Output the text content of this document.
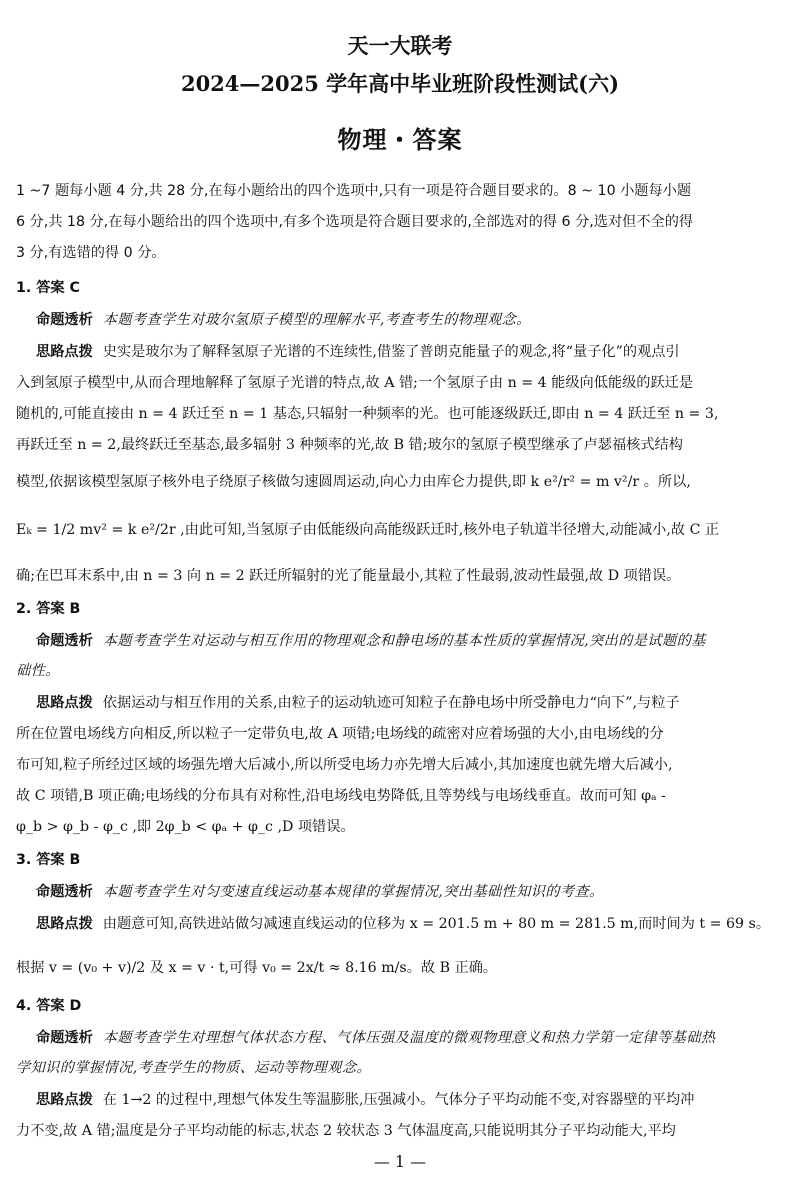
天一大联考
2024—2025 学年高中毕业班阶段性测试(六)
物理・答案
1 ~7 题每小题 4 分,共 28 分,在每小题给出的四个选项中,只有一项是符合题目要求的。8 ~ 10 小题每小题
6 分,共 18 分,在每小题给出的四个选项中,有多个选项是符合题目要求的,全部选对的得 6 分,选对但不全的得
3 分,有选错的得 0 分。
1. 答案 C
命题透析 本题考查学生对玻尔氢原子模型的理解水平,考查考生的物理观念。
思路点拨 史实是玻尔为了解释氢原子光谱的不连续性,借鉴了普朗克能量子的观念,将“量子化”的观点引
入到氢原子模型中,从而合理地解释了氢原子光谱的特点,故 A 错;一个氢原子由 n = 4 能级向低能级的跃迁是
随机的,可能直接由 n = 4 跃迁至 n = 1 基态,只辐射一种频率的光。也可能逐级跃迁,即由 n = 4 跃迁至 n = 3,
再跃迁至 n = 2,最终跃迁至基态,最多辐射 3 种频率的光,故 B 错;玻尔的氢原子模型继承了卢瑟福核式结构
模型,依据该模型氢原子核外电子绕原子核做匀速圆周运动,向心力由库仑力提供,即 k e²/r² = m v²/r 。所以,
Eₖ = 1/2 mv² = k e²/2r ,由此可知,当氢原子由低能级向高能级跃迁时,核外电子轨道半径增大,动能减小,故 C 正
确;在巴耳末系中,由 n = 3 向 n = 2 跃迁所辐射的光了能量最小,其粒了性最弱,波动性最强,故 D 项错误。
2. 答案 B
命题透析 本题考查学生对运动与相互作用的物理观念和静电场的基本性质的掌握情况,突出的是试题的基
础性。
思路点拨 依据运动与相互作用的关系,由粒子的运动轨迹可知粒子在静电场中所受静电力“向下”,与粒子
所在位置电场线方向相反,所以粒子一定带负电,故 A 项错;电场线的疏密对应着场强的大小,由电场线的分
布可知,粒子所经过区域的场强先增大后减小,所以所受电场力亦先增大后减小,其加速度也就先增大后减小,
故 C 项错,B 项正确;电场线的分布具有对称性,沿电场线电势降低,且等势线与电场线垂直。故而可知 φₐ -
φ_b > φ_b - φ_c ,即 2φ_b < φₐ + φ_c ,D 项错误。
3. 答案 B
命题透析 本题考查学生对匀变速直线运动基本规律的掌握情况,突出基础性知识的考查。
思路点拨 由题意可知,高铁进站做匀减速直线运动的位移为 x = 201.5 m + 80 m = 281.5 m,而时间为 t = 69 s。
根据 v = (v₀ + v)/2 及 x = v · t,可得 v₀ = 2x/t ≈ 8.16 m/s。故 B 正确。
4. 答案 D
命题透析 本题考查学生对理想气体状态方程、气体压强及温度的微观物理意义和热力学第一定律等基础热
学知识的掌握情况,考查学生的物质、运动等物理观念。
思路点拨 在 1→2 的过程中,理想气体发生等温膨胀,压强减小。气体分子平均动能不变,对容器壁的平均冲
力不变,故 A 错;温度是分子平均动能的标志,状态 2 较状态 3 气体温度高,只能说明其分子平均动能大,平均
— 1 —
